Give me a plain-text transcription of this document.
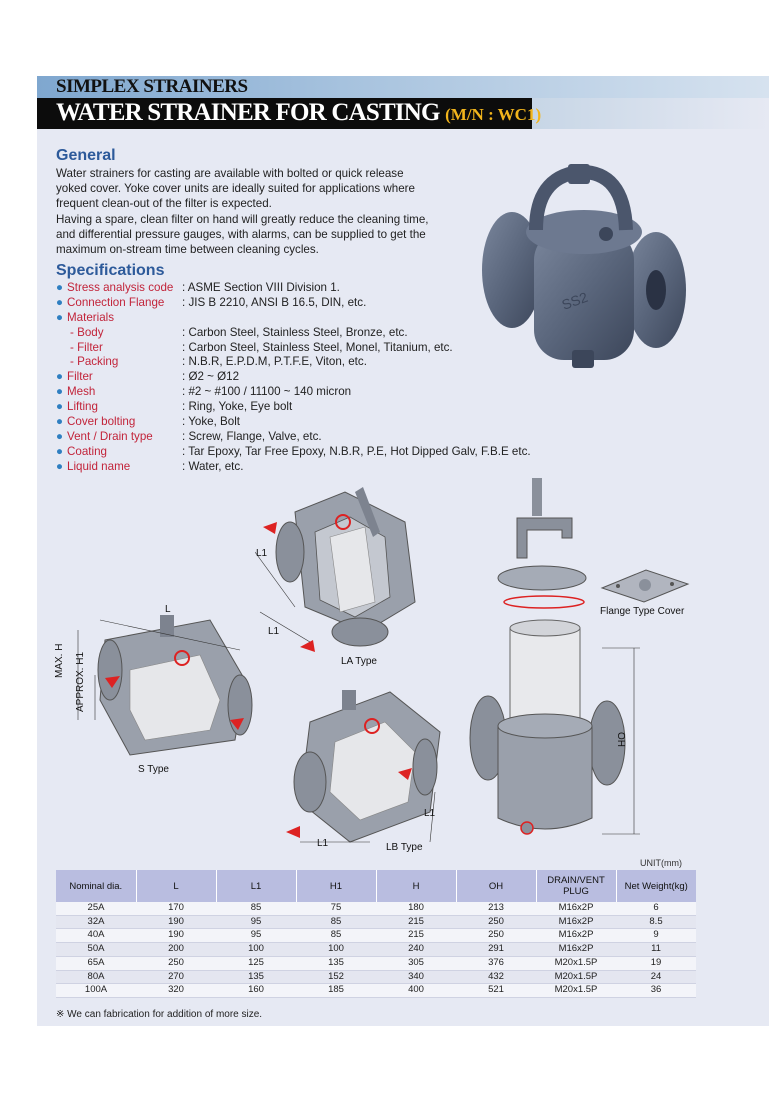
SIMPLEX STRAINERS
WATER STRAINER FOR CASTING (M/N : WC1)
General

Water strainers for casting are available with bolted or quick release

yoked cover. Yoke cover units are ideally suited for applications where

frequent clean-out of the filter is expected.

Having a spare, clean filter on hand will greatly reduce the cleaning time,

and differential pressure gauges, with alarms, can be supplied to get the

maximum on-stream time between cleaning cycles.

SS2
Specifications
● Stress analysis code : ASME Section VIII Division 1.
● Connection Flange	: JIS B 2210, ANSI B 16.5, DIN, etc.
● Materials
- Body	: Carbon Steel, Stainless Steel, Bronze, etc.
- Filter	: Carbon Steel, Stainless Steel, Monel, Titanium, etc.
- Packing	: N.B.R, E.P.D.M, P.T.F.E, Viton, etc.
● Filter	: Ø2 ~ Ø12
● Mesh	: #2 ~ #100 / 11100 ~ 140 micron
● Lifting	: Ring, Yoke, Eye bolt
● Cover bolting	: Yoke, Bolt
● Vent / Drain type	: Screw, Flange, Valve, etc.
● Coating	: Tar Epoxy, Tar Free Epoxy, N.B.R, P.E, Hot Dipped Galv, F.B.E etc.
● Liquid name	: Water, etc.
L1
L1
LA Type
L
MAX. H APPROX. H1
S Type
L1
L1	LB Type
OH
Flange Type Cover
UNIT(mm)
Nominal dia.	L	L1	H1	H	OH	DRAIN/VENT PLUG	Net Weight(kg)
25A	170	85	75	180	213	M16x2P	6
32A	190	95	85	215	250	M16x2P	8.5
40A	190	95	85	215	250	M16x2P	9
50A	200	100	100	240	291	M16x2P	11
65A	250	125	135	305	376	M20x1.5P	19
80A	270	135	152	340	432	M20x1.5P	24
100A	320	160	185	400	521	M20x1.5P	36
※ We can fabrication for addition of more size.
